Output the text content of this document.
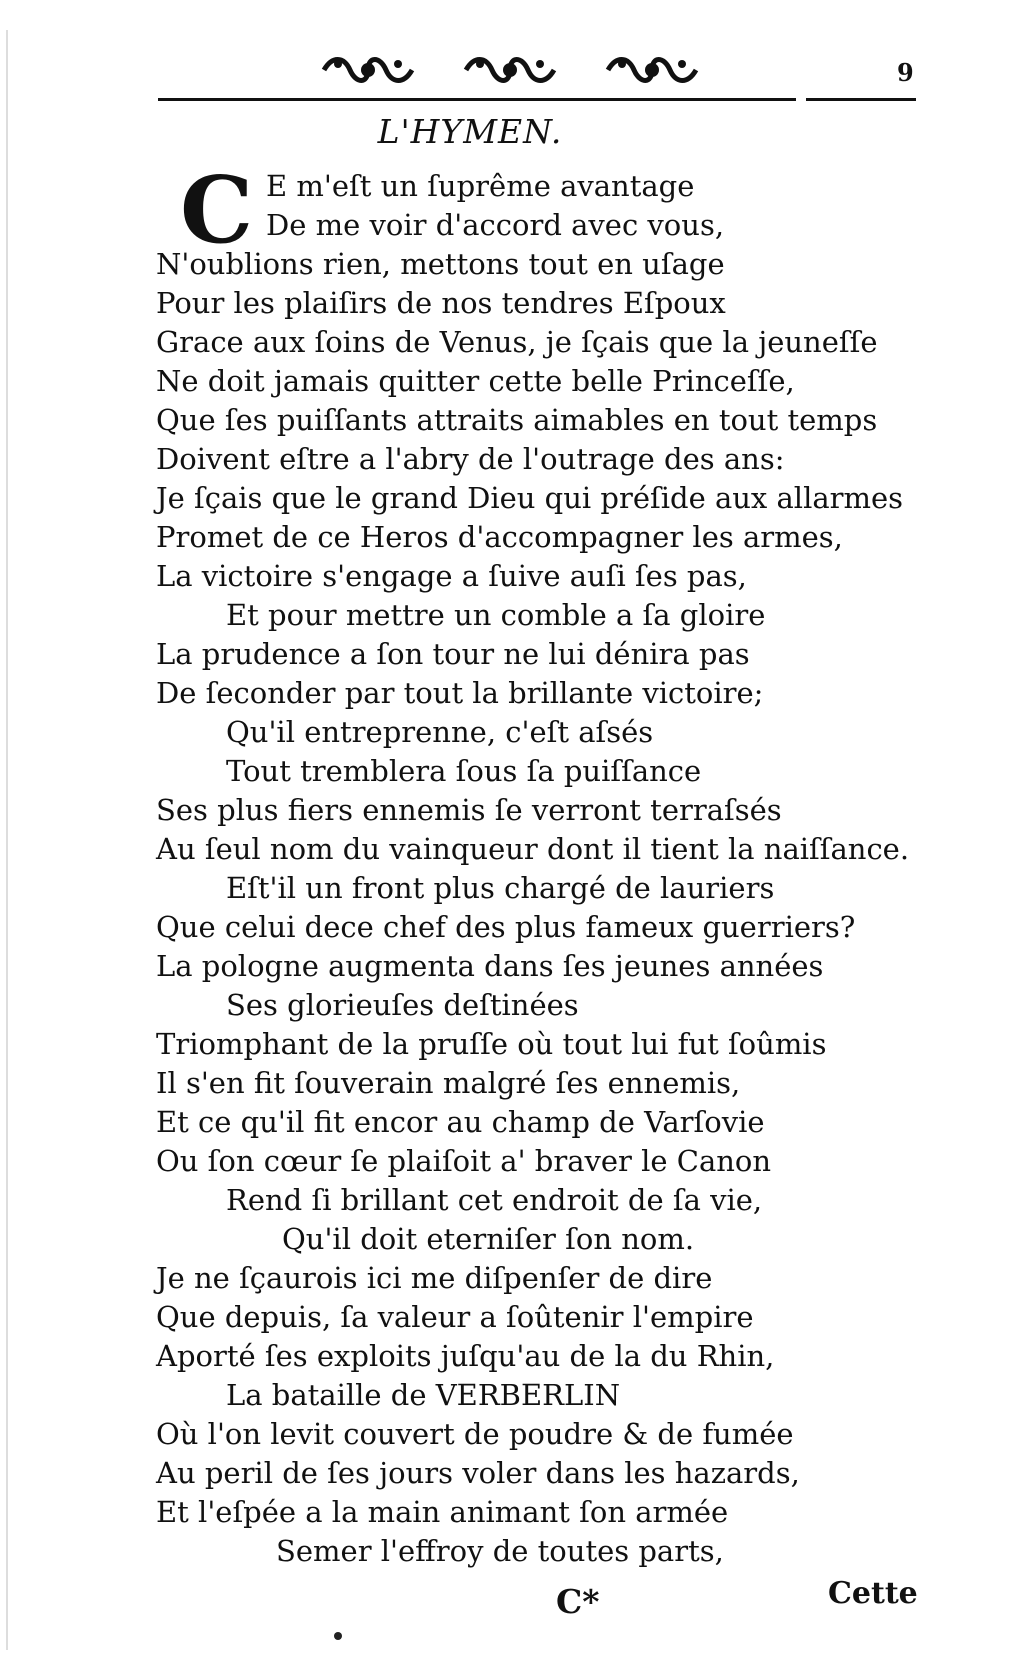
9
L'HYMEN.
C E m'eſt un ſuprême avantage
De me voir d'accord avec vous,
N'oublions rien, mettons tout en uſage
Pour les plaiſirs de nos tendres Eſpoux
Grace aux ſoins de Venus, je ſçais que la jeuneſſe
Ne doit jamais quitter cette belle Princeſſe,
Que ſes puiſſants attraits aimables en tout temps
Doivent eſtre a l'abry de l'outrage des ans:
Je ſçais que le grand Dieu qui préſide aux allarmes
Promet de ce Heros d'accompagner les armes,
La victoire s'engage a ſuive auſi ſes pas,
Et pour mettre un comble a ſa gloire
La prudence a ſon tour ne lui dénira pas
De ſeconder par tout la brillante victoire;
Qu'il entreprenne, c'eſt aſsés
Tout tremblera ſous ſa puiſſance
Ses plus fiers ennemis ſe verront terraſsés
Au ſeul nom du vainqueur dont il tient la naiſſance.
Eſt'il un front plus chargé de lauriers
Que celui dece chef des plus fameux guerriers?
La pologne augmenta dans ſes jeunes années
Ses glorieuſes deſtinées
Triomphant de la pruſſe où tout lui fut ſoûmis
Il s'en fit ſouverain malgré ſes ennemis,
Et ce qu'il fit encor au champ de Varſovie
Ou ſon cœur ſe plaiſoit a' braver le Canon
Rend ſi brillant cet endroit de ſa vie,
Qu'il doit eterniſer ſon nom.
Je ne ſçaurois ici me diſpenſer de dire
Que depuis, ſa valeur a ſoûtenir l'empire
Aporté ſes exploits juſqu'au de la du Rhin,
La bataille de VERBERLIN
Où l'on levit couvert de poudre & de fumée
Au peril de ſes jours voler dans les hazards,
Et l'eſpée a la main animant ſon armée
Semer l'effroy de toutes parts,
C*	Cette
